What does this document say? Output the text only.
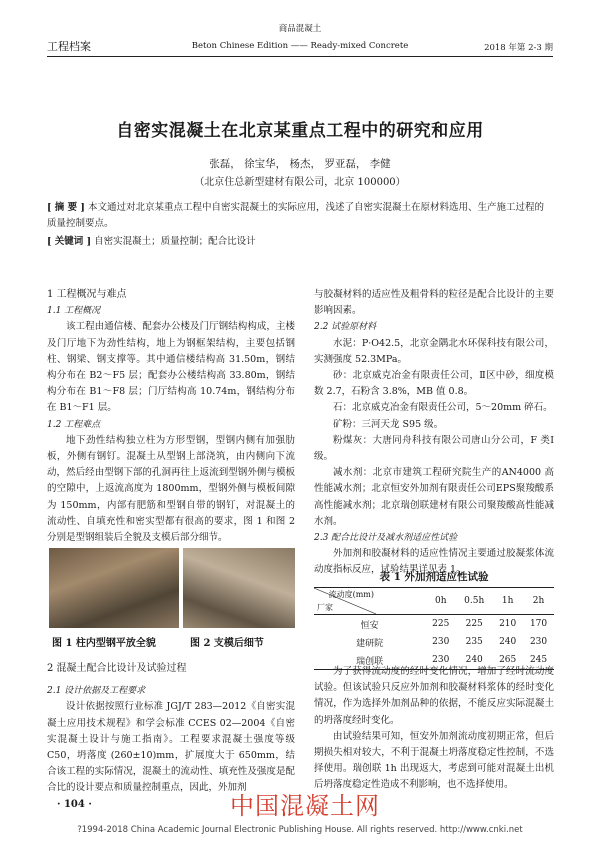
商品混凝土
工程档案	Beton Chinese Edition —— Ready-mixed Concrete	2018 年第 2-3 期
自密实混凝土在北京某重点工程中的研究和应用
张磊， 徐宝华， 杨杰， 罗亚磊， 李健
（北京住总新型建材有限公司，北京 100000）
[ 摘 要 ] 本文通过对北京某重点工程中自密实混凝土的实际应用，浅述了自密实混凝土在原材料选用、生产施工过程的质量控制要点。
[ 关键词 ] 自密实混凝土；质量控制；配合比设计

1 工程概况与难点

1.1 工程概况

该工程由通信楼、配套办公楼及门厅钢结构构成，主楼及门厅地下为劲性结构，地上为钢框架结构，主要包括钢柱、钢梁、钢支撑等。其中通信楼结构高 31.50m，钢结构分布在 B2～F5 层；配套办公楼结构高 33.80m，钢结构分布在 B1～F8 层；门厅结构高 10.74m，钢结构分布在 B1～F1 层。

1.2 工程难点

地下劲性结构独立柱为方形型钢，型钢内侧有加强肋板，外侧有钢钉。混凝土从型钢上部浇筑，由内侧向下流动，然后经由型钢下部的孔洞再往上返流到型钢外侧与模板的空隙中，上返流高度为 1800mm，型钢外侧与模板间隙为 150mm，内部有肥筋和型钢自带的钢钉，对混凝土的流动性、自填充性和密实型都有很高的要求，图 1 和图 2 分别是型钢组装后全貌及支模后部分细节。

图 1 柱内型钢平放全貌	图 2 支模后细节

2 混凝土配合比设计及试验过程

2.1 设计依据及工程要求

设计依据按照行业标准 JGJ/T 283—2012《自密实混凝土应用技术规程》和学会标准 CCES 02—2004《自密实混凝土设计与施工指南》。工程要求混凝土强度等级 C50，坍落度 (260±10)mm，扩展度大于 650mm，结合该工程的实际情况，混凝土的流动性、填充性及强度是配合比的设计要点和质量控制重点，因此，外加剂

与胶凝材料的适应性及粗骨料的粒径是配合比设计的主要影响因素。

2.2 试验原材料

水泥：P·O42.5，北京金隅北水环保科技有限公司，实测强度 52.3MPa。

砂：北京威克冶金有限责任公司，Ⅱ区中砂，细度模数 2.7，石粉含 3.8%，MB 值 0.8。

石：北京威克冶金有限责任公司，5～20mm 碎石。

矿粉：三河天龙 S95 级。

粉煤灰：大唐同舟科技有限公司唐山分公司，F 类Ⅰ级。

减水剂：北京市建筑工程研究院生产的AN4000 高性能减水剂；北京恒安外加剂有限责任公司EPS聚羧酸系高性能减水剂；北京瑞创联建材有限公司聚羧酸高性能减水剂。

2.3 配合比设计及减水剂适应性试验

外加剂和胶凝材料的适应性情况主要通过胶凝浆体流动度指标反应，试验结果详见表 1。

表 1 外加剂适应性试验
流动度(mm)
厂家	0h	0.5h	1h	2h
恒安	225	225	210	170
建研院	230	235	240	230
瑞创联	230	240	265	245

为了获得流动度的经时变化情况，增加了经时流动度试验。但该试验只反应外加剂和胶凝材料浆体的经时变化情况，作为选择外加剂品种的依据，不能反应实际混凝土的坍落度经时变化。

由试验结果可知，恒安外加剂流动度初期正常，但后期损失相对较大，不利于混凝土坍落度稳定性控制，不选择使用。瑞创联 1h 出现返大，考虑到可能对混凝土出机后坍落度稳定性造成不利影响，也不选择使用。

· 104 ·	中国混凝土网
?1994-2018 China Academic Journal Electronic Publishing House. All rights reserved. http://www.cnki.net
